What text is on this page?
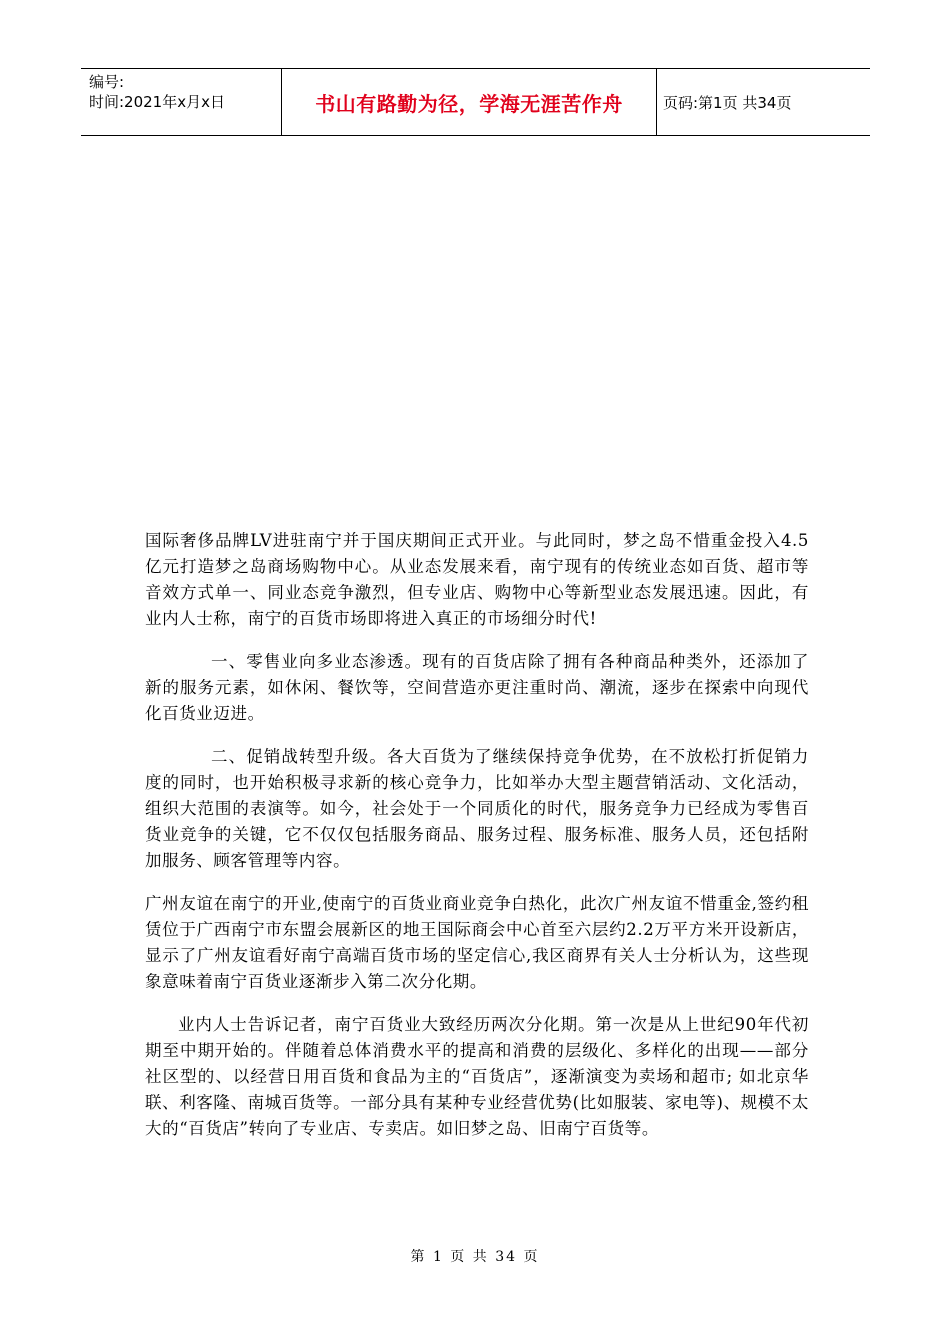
编号:
时间:2021年x月x日	书山有路勤为径，学海无涯苦作舟	页码:第1页 共34页

国际奢侈品牌LV进驻南宁并于国庆期间正式开业。与此同时，梦之岛不惜重金投入4.5亿元打造梦之岛商场购物中心。从业态发展来看，南宁现有的传统业态如百货、超市等音效方式单一、同业态竞争激烈，但专业店、购物中心等新型业态发展迅速。因此，有业内人士称，南宁的百货市场即将进入真正的市场细分时代!

一、零售业向多业态渗透。现有的百货店除了拥有各种商品种类外，还添加了新的服务元素，如休闲、餐饮等，空间营造亦更注重时尚、潮流，逐步在探索中向现代化百货业迈进。

二、促销战转型升级。各大百货为了继续保持竞争优势，在不放松打折促销力度的同时，也开始积极寻求新的核心竞争力，比如举办大型主题营销活动、文化活动，组织大范围的表演等。如今，社会处于一个同质化的时代，服务竞争力已经成为零售百货业竞争的关键，它不仅仅包括服务商品、服务过程、服务标准、服务人员，还包括附加服务、顾客管理等内容。

广州友谊在南宁的开业,使南宁的百货业商业竞争白热化，此次广州友谊不惜重金,签约租赁位于广西南宁市东盟会展新区的地王国际商会中心首至六层约2.2万平方米开设新店，显示了广州友谊看好南宁高端百货市场的坚定信心,我区商界有关人士分析认为，这些现象意味着南宁百货业逐渐步入第二次分化期。

业内人士告诉记者，南宁百货业大致经历两次分化期。第一次是从上世纪90年代初期至中期开始的。伴随着总体消费水平的提高和消费的层级化、多样化的出现——部分社区型的、以经营日用百货和食品为主的“百货店”，逐渐演变为卖场和超市; 如北京华联、利客隆、南城百货等。一部分具有某种专业经营优势(比如服装、家电等)、规模不太大的“百货店”转向了专业店、专卖店。如旧梦之岛、旧南宁百货等。

第 1 页 共 34 页
